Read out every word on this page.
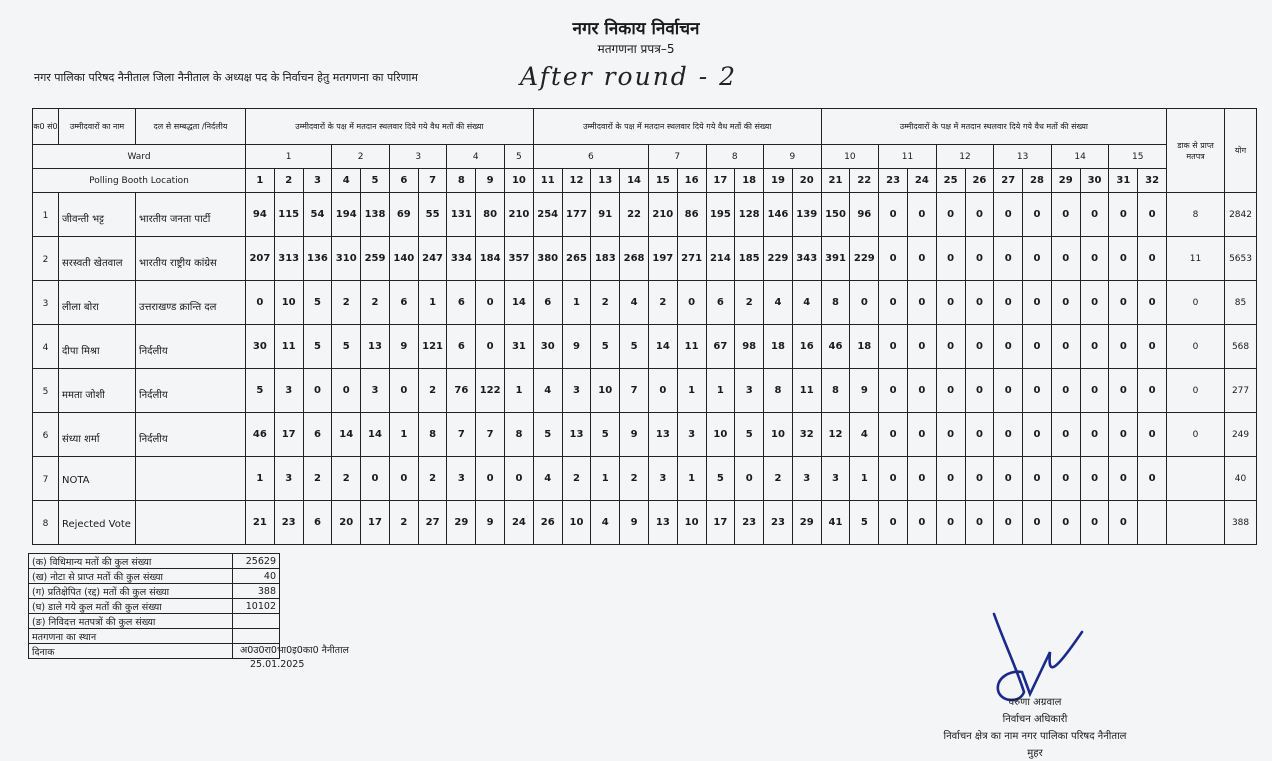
नगर निकाय निर्वाचन
मतगणना प्रपत्र–5
नगर पालिका परिषद नैनीताल जिला नैनीताल के अध्यक्ष पद के निर्वाचन हेतु मतगणना का परिणाम	After round - 2
क0 सं0	उम्मीदवारों का नाम	दल से सम्बद्धता /निर्दलीय	उम्मीदवारों के पक्ष में मतदान स्थलवार दिये गये वैध मतों की संख्या										उम्मीदवारों के पक्ष में मतदान स्थलवार दिये गये वैध मतों की संख्या										उम्मीदवारों के पक्ष में मतदान स्थलवार दिये गये वैध मतों की संख्या												डाक से प्राप्त मतपत्र	योग
Ward			1			2		3		4		5	6				7		8		9		10		11		12		13		14		15			
Polling Booth Location			1	2	3	4	5	6	7	8	9	10	11	12	13	14	15	16	17	18	19	20	21	22	23	24	25	26	27	28	29	30	31	32		
1	जीवन्ती भट्ट	भारतीय जनता पार्टी	94	115	54	194	138	69	55	131	80	210	254	177	91	22	210	86	195	128	146	139	150	96	0	0	0	0	0	0	0	0	0	0	8	2842
2	सरस्वती खेतवाल	भारतीय राष्ट्रीय कांग्रेस	207	313	136	310	259	140	247	334	184	357	380	265	183	268	197	271	214	185	229	343	391	229	0	0	0	0	0	0	0	0	0	0	11	5653
3	लीला बोरा	उत्तराखण्ड क्रान्ति दल	0	10	5	2	2	6	1	6	0	14	6	1	2	4	2	0	6	2	4	4	8	0	0	0	0	0	0	0	0	0	0	0	0	85
4	दीपा मिश्रा	निर्दलीय	30	11	5	5	13	9	121	6	0	31	30	9	5	5	14	11	67	98	18	16	46	18	0	0	0	0	0	0	0	0	0	0	0	568
5	ममता जोशी	निर्दलीय	5	3	0	0	3	0	2	76	122	1	4	3	10	7	0	1	1	3	8	11	8	9	0	0	0	0	0	0	0	0	0	0	0	277
6	संध्या शर्मा	निर्दलीय	46	17	6	14	14	1	8	7	7	8	5	13	5	9	13	3	10	5	10	32	12	4	0	0	0	0	0	0	0	0	0	0	0	249
7	NOTA		1	3	2	2	0	0	2	3	0	0	4	2	1	2	3	1	5	0	2	3	3	1	0	0	0	0	0	0	0	0	0	0		40
8	Rejected Vote		21	23	6	20	17	2	27	29	9	24	26	10	4	9	13	10	17	23	23	29	41	5	0	0	0	0	0	0	0	0	0			388
(क) विधिमान्य मतों की कुल संख्या	25629
(ख) नोटा से प्राप्त मतों की कुल संख्या	40
(ग) प्रतिक्षेपित (रद्द) मतों की कुल संख्या	388
(घ) डाले गये कुल मतों की कुल संख्या	10102
(ङ) निविदत्त मतपत्रों की कुल संख्या	
मतगणना का स्थान	
दिनाक		अ0उ0रा0भा0इ0का0 नैनीताल
25.01.2025
वरुणा अग्रवाल
निर्वाचन अधिकारी
निर्वाचन क्षेत्र का नाम नगर पालिका परिषद नैनीताल
मुहर
